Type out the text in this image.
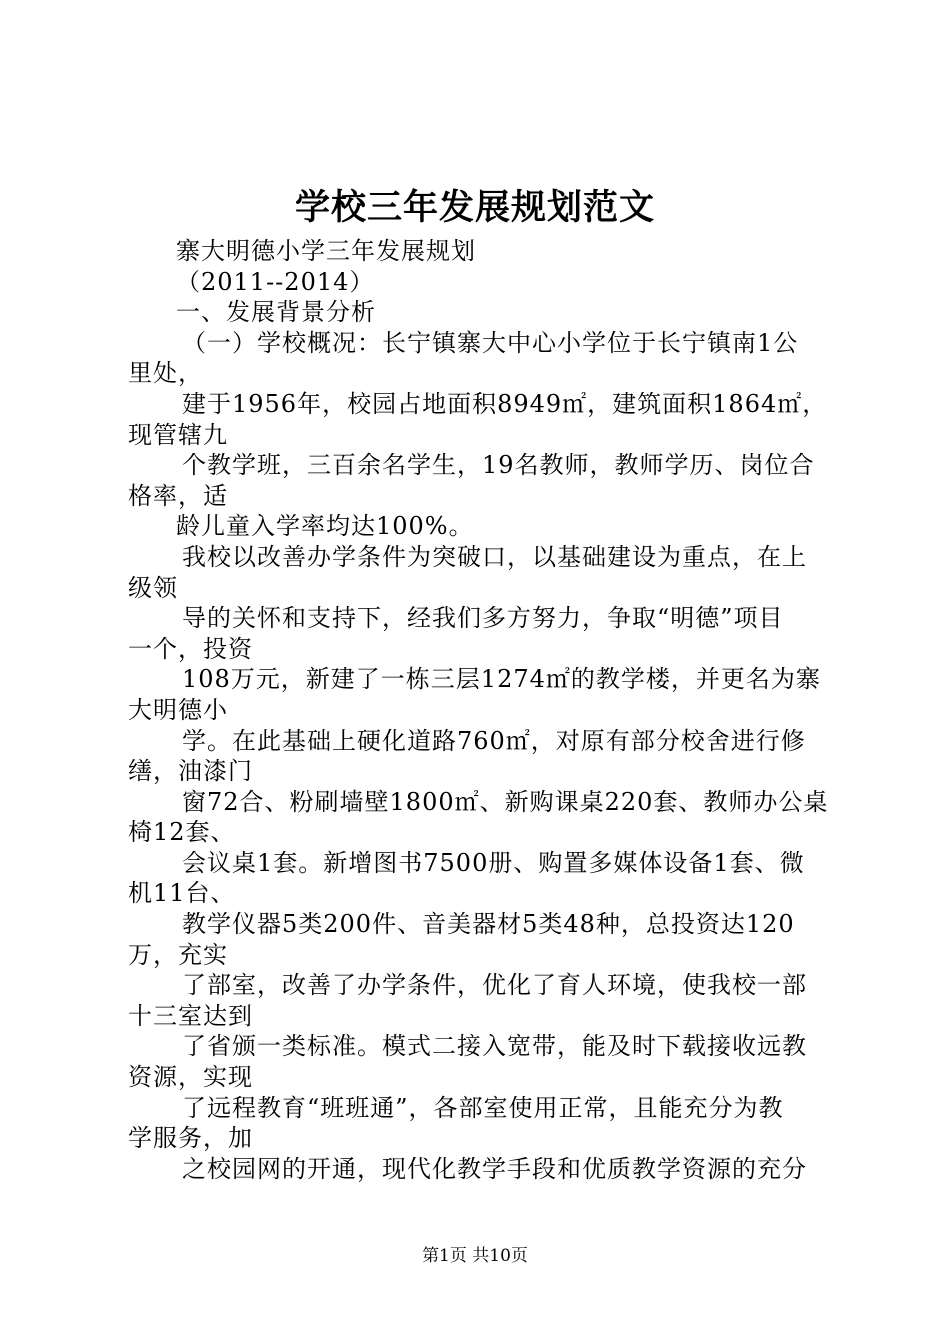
学校三年发展规划范文
寨大明德小学三年发展规划
（2011--2014）
一、发展背景分析
（一）学校概况：长宁镇寨大中心小学位于长宁镇南1公
里处，
建于1956年，校园占地面积8949㎡，建筑面积1864㎡，
现管辖九
个教学班，三百余名学生，19名教师，教师学历、岗位合
格率，适
龄儿童入学率均达100%。
我校以改善办学条件为突破口，以基础建设为重点，在上
级领
导的关怀和支持下，经我们多方努力，争取“明德”项目
一个，投资
108万元，新建了一栋三层1274㎡的教学楼，并更名为寨
大明德小
学。在此基础上硬化道路760㎡，对原有部分校舍进行修
缮，油漆门
窗72合、粉刷墙壁1800㎡、新购课桌220套、教师办公桌
椅12套、
会议桌1套。新增图书7500册、购置多媒体设备1套、微
机11台、
教学仪器5类200件、音美器材5类48种，总投资达120
万，充实
了部室，改善了办学条件，优化了育人环境，使我校一部
十三室达到
了省颁一类标准。模式二接入宽带，能及时下载接收远教
资源，实现
了远程教育“班班通”，各部室使用正常，且能充分为教
学服务，加
之校园网的开通，现代化教学手段和优质教学资源的充分
第1页 共10页
